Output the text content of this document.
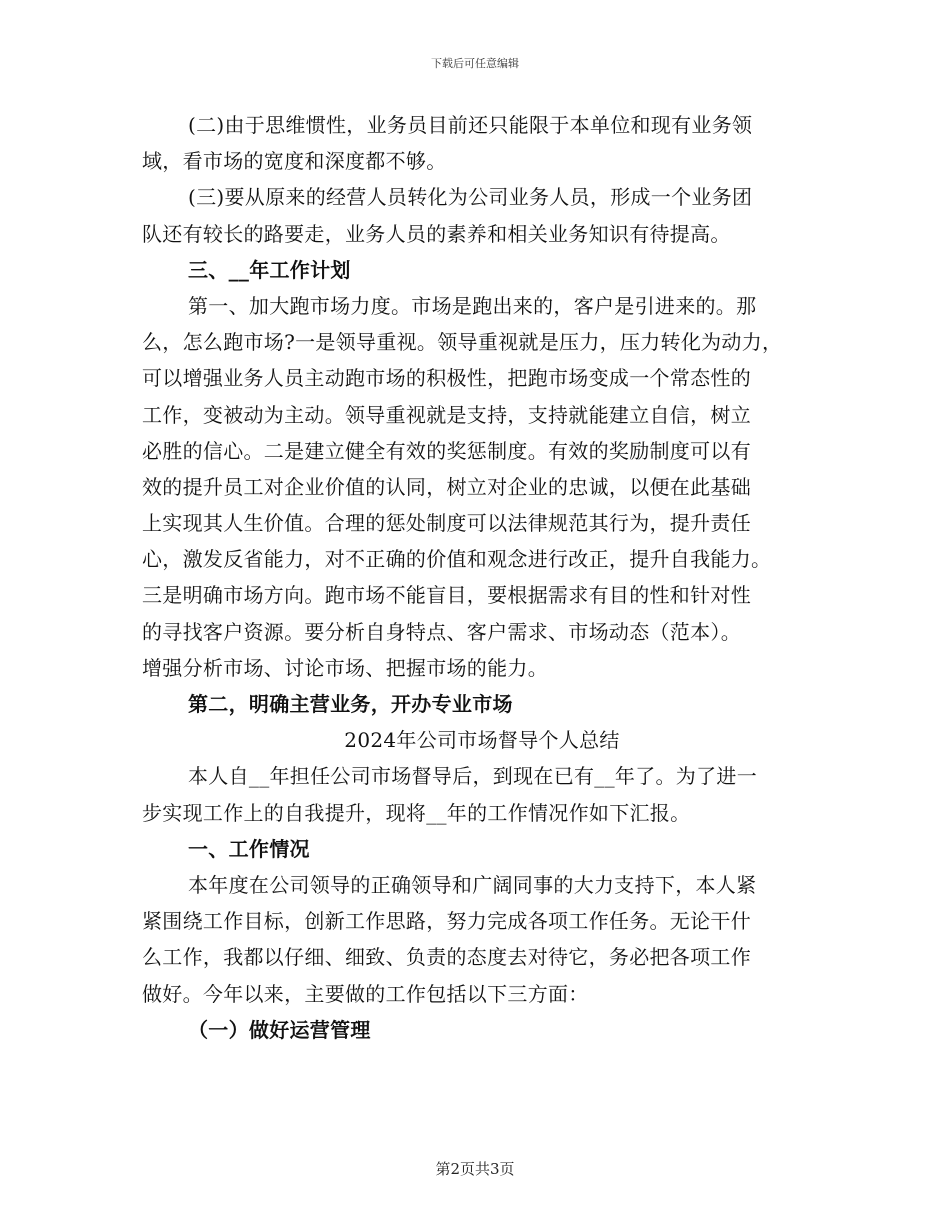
下载后可任意编辑
(二)由于思维惯性，业务员目前还只能限于本单位和现有业务领
域，看市场的宽度和深度都不够。
(三)要从原来的经营人员转化为公司业务人员，形成一个业务团
队还有较长的路要走，业务人员的素养和相关业务知识有待提高。
三、__年工作计划
第一、加大跑市场力度。市场是跑出来的，客户是引进来的。那
么，怎么跑市场?一是领导重视。领导重视就是压力，压力转化为动力，
可以增强业务人员主动跑市场的积极性，把跑市场变成一个常态性的
工作，变被动为主动。领导重视就是支持，支持就能建立自信，树立
必胜的信心。二是建立健全有效的奖惩制度。有效的奖励制度可以有
效的提升员工对企业价值的认同，树立对企业的忠诚，以便在此基础
上实现其人生价值。合理的惩处制度可以法律规范其行为，提升责任
心，激发反省能力，对不正确的价值和观念进行改正，提升自我能力。
三是明确市场方向。跑市场不能盲目，要根据需求有目的性和针对性
的寻找客户资源。要分析自身特点、客户需求、市场动态（范本）。
增强分析市场、讨论市场、把握市场的能力。
第二，明确主营业务，开办专业市场
2024年公司市场督导个人总结
本人自__年担任公司市场督导后，到现在已有__年了。为了进一
步实现工作上的自我提升，现将__年的工作情况作如下汇报。
一、工作情况
本年度在公司领导的正确领导和广阔同事的大力支持下，本人紧
紧围绕工作目标，创新工作思路，努力完成各项工作任务。无论干什
么工作，我都以仔细、细致、负责的态度去对待它，务必把各项工作
做好。今年以来，主要做的工作包括以下三方面：
（一）做好运营管理
第2页共3页
